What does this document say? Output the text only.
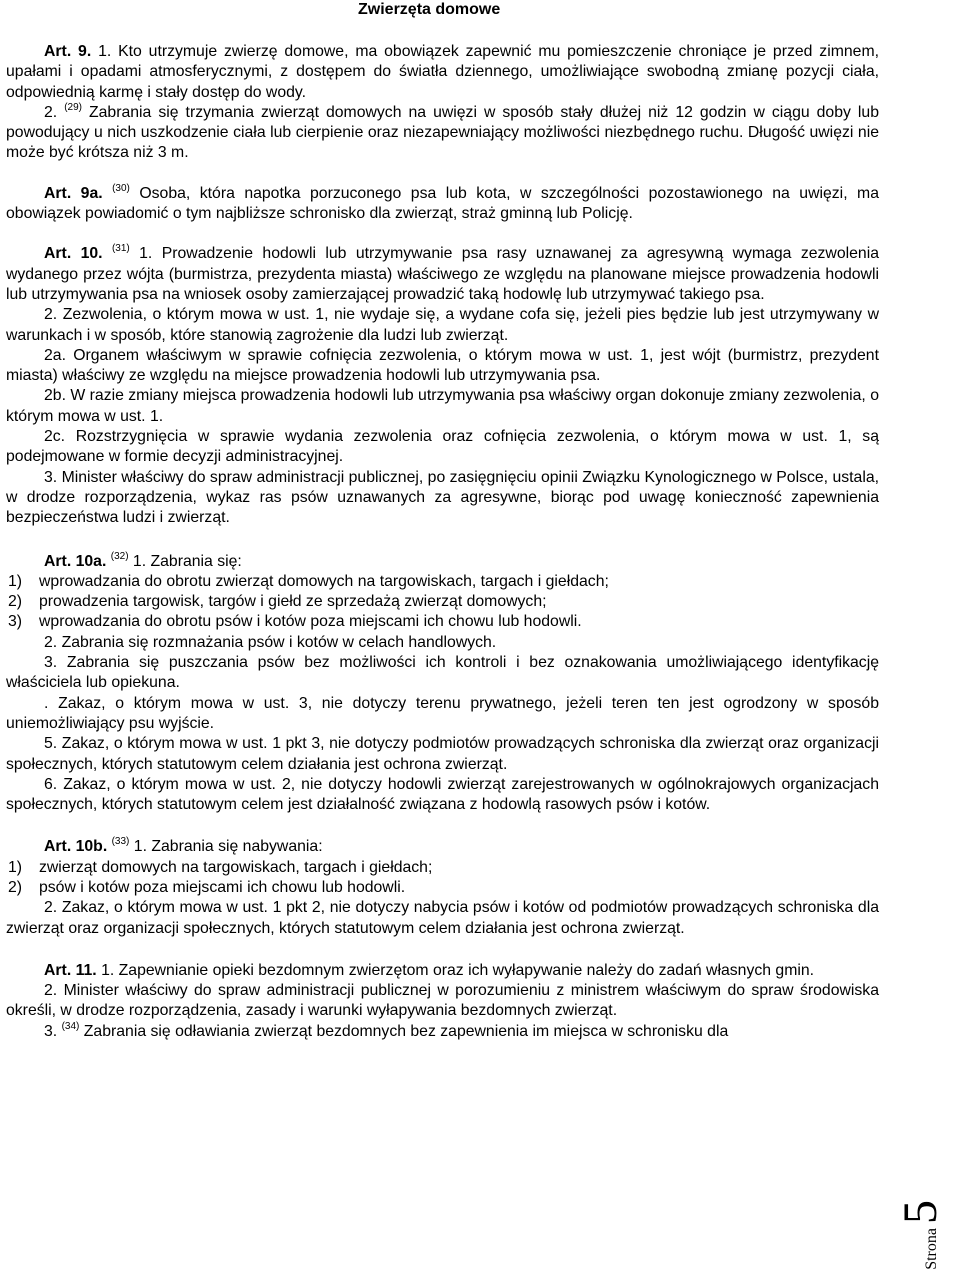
Zwierzęta domowe

Art. 9. 1. Kto utrzymuje zwierzę domowe, ma obowiązek zapewnić mu pomieszczenie chroniące je przed zimnem, upałami i opadami atmosferycznymi, z dostępem do światła dziennego, umożliwiające swobodną zmianę pozycji ciała, odpowiednią karmę i stały dostęp do wody.

2. $^{(29)}$ Zabrania się trzymania zwierząt domowych na uwięzi w sposób stały dłużej niż 12 godzin w ciągu doby lub powodujący u nich uszkodzenie ciała lub cierpienie oraz niezapewniający możliwości niezbędnego ruchu. Długość uwięzi nie może być krótsza niż 3 m.

Art. 9a. $^{(30)}$ Osoba, która napotka porzuconego psa lub kota, w szczególności pozostawionego na uwięzi, ma obowiązek powiadomić o tym najbliższe schronisko dla zwierząt, straż gminną lub Policję.

Art. 10. $^{(31)}$ 1. Prowadzenie hodowli lub utrzymywanie psa rasy uznawanej za agresywną wymaga zezwolenia wydanego przez wójta (burmistrza, prezydenta miasta) właściwego ze względu na planowane miejsce prowadzenia hodowli lub utrzymywania psa na wniosek osoby zamierzającej prowadzić taką hodowlę lub utrzymywać takiego psa.

2. Zezwolenia, o którym mowa w ust. 1, nie wydaje się, a wydane cofa się, jeżeli pies będzie lub jest utrzymywany w warunkach i w sposób, które stanowią zagrożenie dla ludzi lub zwierząt.

2a. Organem właściwym w sprawie cofnięcia zezwolenia, o którym mowa w ust. 1, jest wójt (burmistrz, prezydent miasta) właściwy ze względu na miejsce prowadzenia hodowli lub utrzymywania psa.

2b. W razie zmiany miejsca prowadzenia hodowli lub utrzymywania psa właściwy organ dokonuje zmiany zezwolenia, o którym mowa w ust. 1.

2c. Rozstrzygnięcia w sprawie wydania zezwolenia oraz cofnięcia zezwolenia, o którym mowa w ust. 1, są podejmowane w formie decyzji administracyjnej.

3. Minister właściwy do spraw administracji publicznej, po zasięgnięciu opinii Związku Kynologicznego w Polsce, ustala, w drodze rozporządzenia, wykaz ras psów uznawanych za agresywne, biorąc pod uwagę konieczność zapewnienia bezpieczeństwa ludzi i zwierząt.

Art. 10a. $^{(32)}$ 1. Zabrania się:

1)	wprowadzania do obrotu zwierząt domowych na targowiskach, targach i giełdach;
2)	prowadzenia targowisk, targów i giełd ze sprzedażą zwierząt domowych;
3)	wprowadzania do obrotu psów i kotów poza miejscami ich chowu lub hodowli.

2. Zabrania się rozmnażania psów i kotów w celach handlowych.

3. Zabrania się puszczania psów bez możliwości ich kontroli i bez oznakowania umożliwiającego identyfikację właściciela lub opiekuna.

. Zakaz, o którym mowa w ust. 3, nie dotyczy terenu prywatnego, jeżeli teren ten jest ogrodzony w sposób uniemożliwiający psu wyjście.

5. Zakaz, o którym mowa w ust. 1 pkt 3, nie dotyczy podmiotów prowadzących schroniska dla zwierząt oraz organizacji społecznych, których statutowym celem działania jest ochrona zwierząt.

6. Zakaz, o którym mowa w ust. 2, nie dotyczy hodowli zwierząt zarejestrowanych w ogólnokrajowych organizacjach społecznych, których statutowym celem jest działalność związana z hodowlą rasowych psów i kotów.

Art. 10b. $^{(33)}$ 1. Zabrania się nabywania:

1)	zwierząt domowych na targowiskach, targach i giełdach;
2)	psów i kotów poza miejscami ich chowu lub hodowli.

2. Zakaz, o którym mowa w ust. 1 pkt 2, nie dotyczy nabycia psów i kotów od podmiotów prowadzących schroniska dla zwierząt oraz organizacji społecznych, których statutowym celem działania jest ochrona zwierząt.

Art. 11. 1. Zapewnianie opieki bezdomnym zwierzętom oraz ich wyłapywanie należy do zadań własnych gmin.

2. Minister właściwy do spraw administracji publicznej w porozumieniu z ministrem właściwym do spraw środowiska określi, w drodze rozporządzenia, zasady i warunki wyłapywania bezdomnych zwierząt.

3. $^{(34)}$ Zabrania się odławiania zwierząt bezdomnych bez zapewnienia im miejsca w schronisku dla

Strona5
